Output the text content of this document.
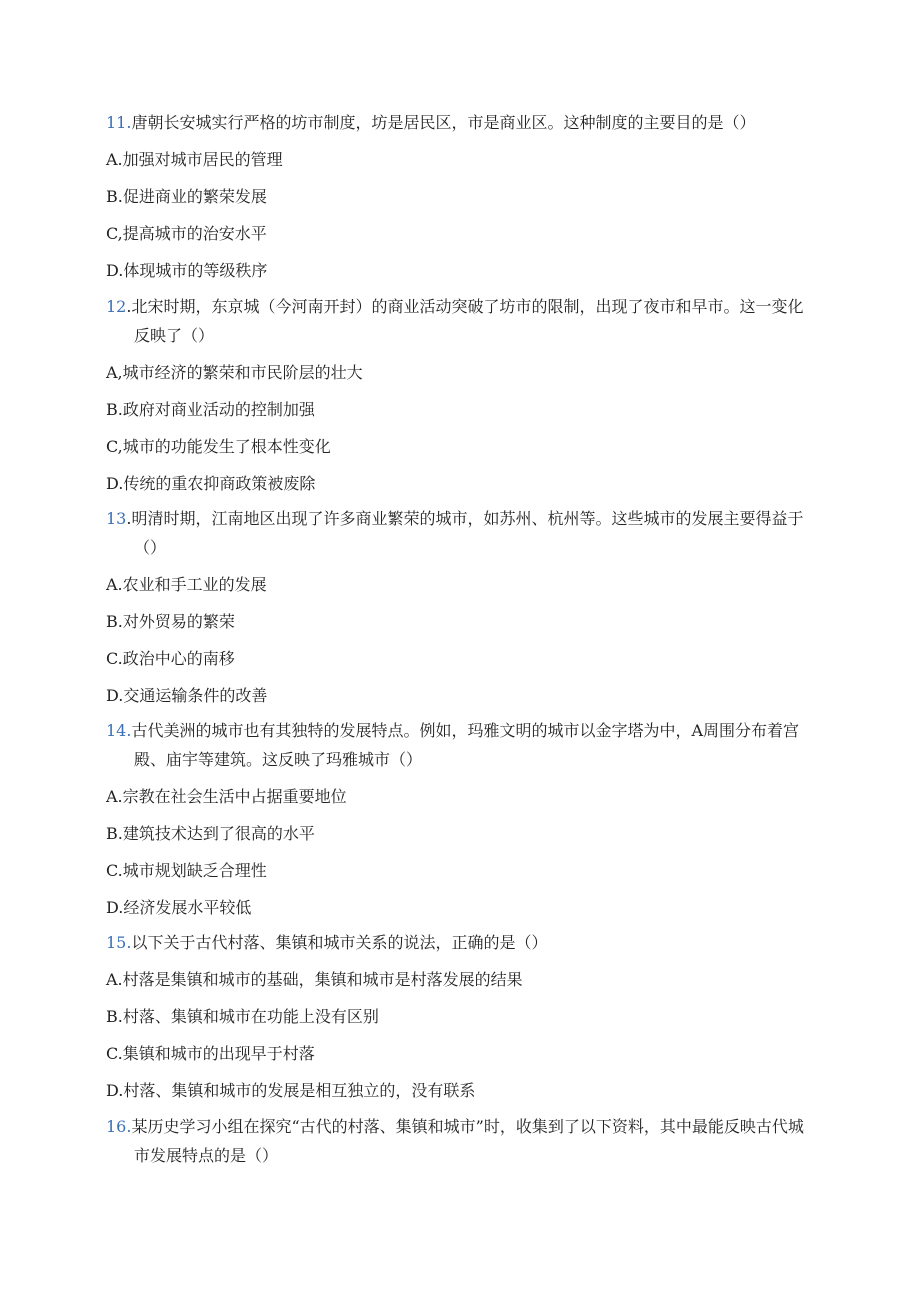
11.唐朝长安城实行严格的坊市制度，坊是居民区，市是商业区。这种制度的主要目的是（）

A.加强对城市居民的管理
B.促进商业的繁荣发展
C,提高城市的治安水平
D.体现城市的等级秩序

12.北宋时期，东京城（今河南开封）的商业活动突破了坊市的限制，出现了夜市和早市。这一变化反映了（）

A,城市经济的繁荣和市民阶层的壮大
B.政府对商业活动的控制加强
C,城市的功能发生了根本性变化
D.传统的重农抑商政策被废除

13.明清时期，江南地区出现了许多商业繁荣的城市，如苏州、杭州等。这些城市的发展主要得益于（）

A.农业和手工业的发展
B.对外贸易的繁荣
C.政治中心的南移
D.交通运输条件的改善

14.古代美洲的城市也有其独特的发展特点。例如，玛雅文明的城市以金字塔为中，A周围分布着宫殿、庙宇等建筑。这反映了玛雅城市（）

A.宗教在社会生活中占据重要地位
B.建筑技术达到了很高的水平
C.城市规划缺乏合理性
D.经济发展水平较低

15.以下关于古代村落、集镇和城市关系的说法，正确的是（）

A.村落是集镇和城市的基础，集镇和城市是村落发展的结果
B.村落、集镇和城市在功能上没有区别
C.集镇和城市的出现早于村落
D.村落、集镇和城市的发展是相互独立的，没有联系

16.某历史学习小组在探究“古代的村落、集镇和城市”时，收集到了以下资料，其中最能反映古代城市发展特点的是（）
